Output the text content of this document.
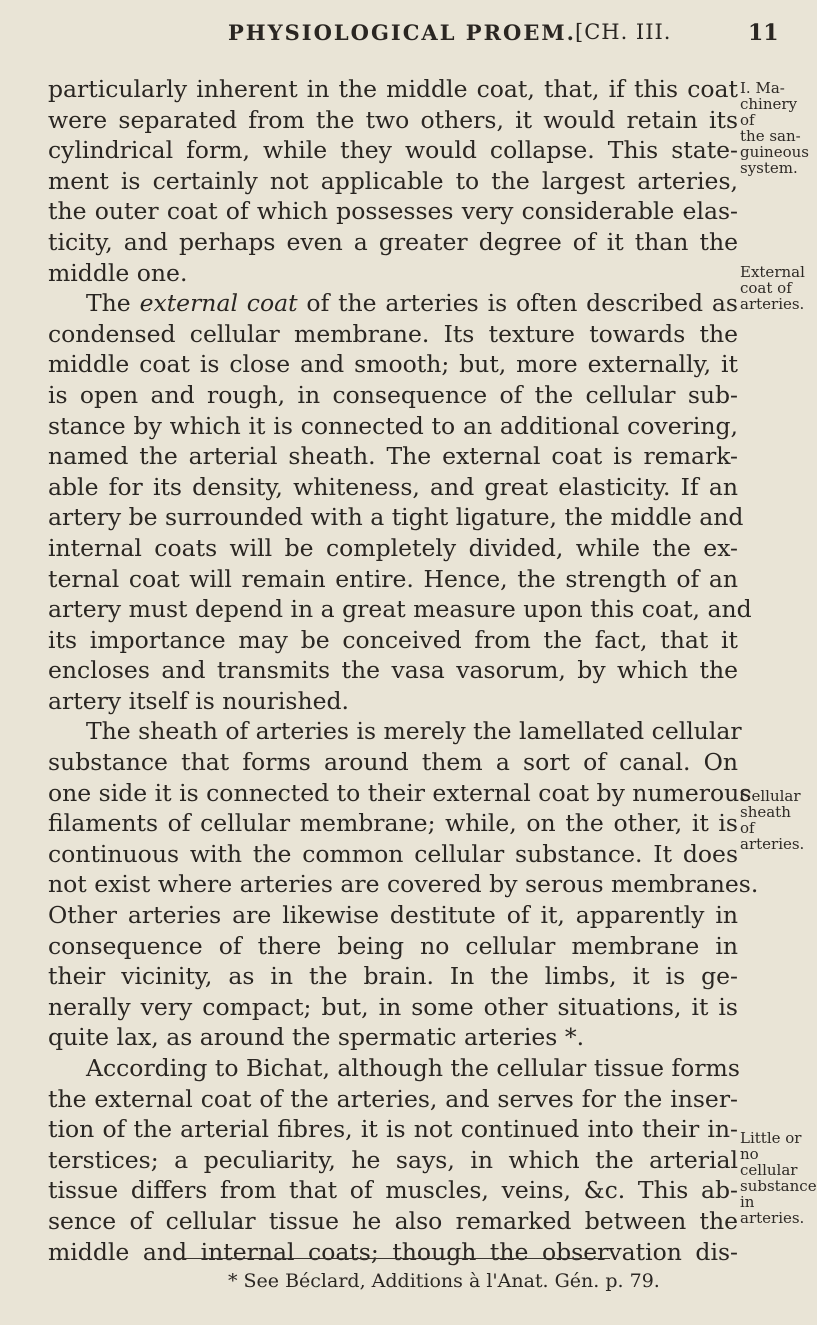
PHYSIOLOGICAL PROEM. [CH. III.	11
particularly inherent in the middle coat, that, if this coat
were separated from the two others, it would retain its
cylindrical form, while they would collapse. This state-
ment is certainly not applicable to the largest arteries,
the outer coat of which possesses very considerable elas-
ticity, and perhaps even a greater degree of it than the
middle one.
The external coat of the arteries is often described as
condensed cellular membrane. Its texture towards the
middle coat is close and smooth; but, more externally, it
is open and rough, in consequence of the cellular sub-
stance by which it is connected to an additional covering,
named the arterial sheath. The external coat is remark-
able for its density, whiteness, and great elasticity. If an
artery be surrounded with a tight ligature, the middle and
internal coats will be completely divided, while the ex-
ternal coat will remain entire. Hence, the strength of an
artery must depend in a great measure upon this coat, and
its importance may be conceived from the fact, that it
encloses and transmits the vasa vasorum, by which the
artery itself is nourished.
The sheath of arteries is merely the lamellated cellular
substance that forms around them a sort of canal. On
one side it is connected to their external coat by numerous
filaments of cellular membrane; while, on the other, it is
continuous with the common cellular substance. It does
not exist where arteries are covered by serous membranes.
Other arteries are likewise destitute of it, apparently in
consequence of there being no cellular membrane in
their vicinity, as in the brain. In the limbs, it is ge-
nerally very compact; but, in some other situations, it is
quite lax, as around the spermatic arteries *.
According to Bichat, although the cellular tissue forms
the external coat of the arteries, and serves for the inser-
tion of the arterial fibres, it is not continued into their in-
terstices; a peculiarity, he says, in which the arterial
tissue differs from that of muscles, veins, &c. This ab-
sence of cellular tissue he also remarked between the
middle and internal coats; though the observation dis-
I. Ma-
chinery of
the san-
guineous
system.
External
coat of
arteries.
Cellular
sheath of
arteries.
Little or no
cellular
substance
in arteries.
* See Béclard, Additions à l'Anat. Gén. p. 79.
